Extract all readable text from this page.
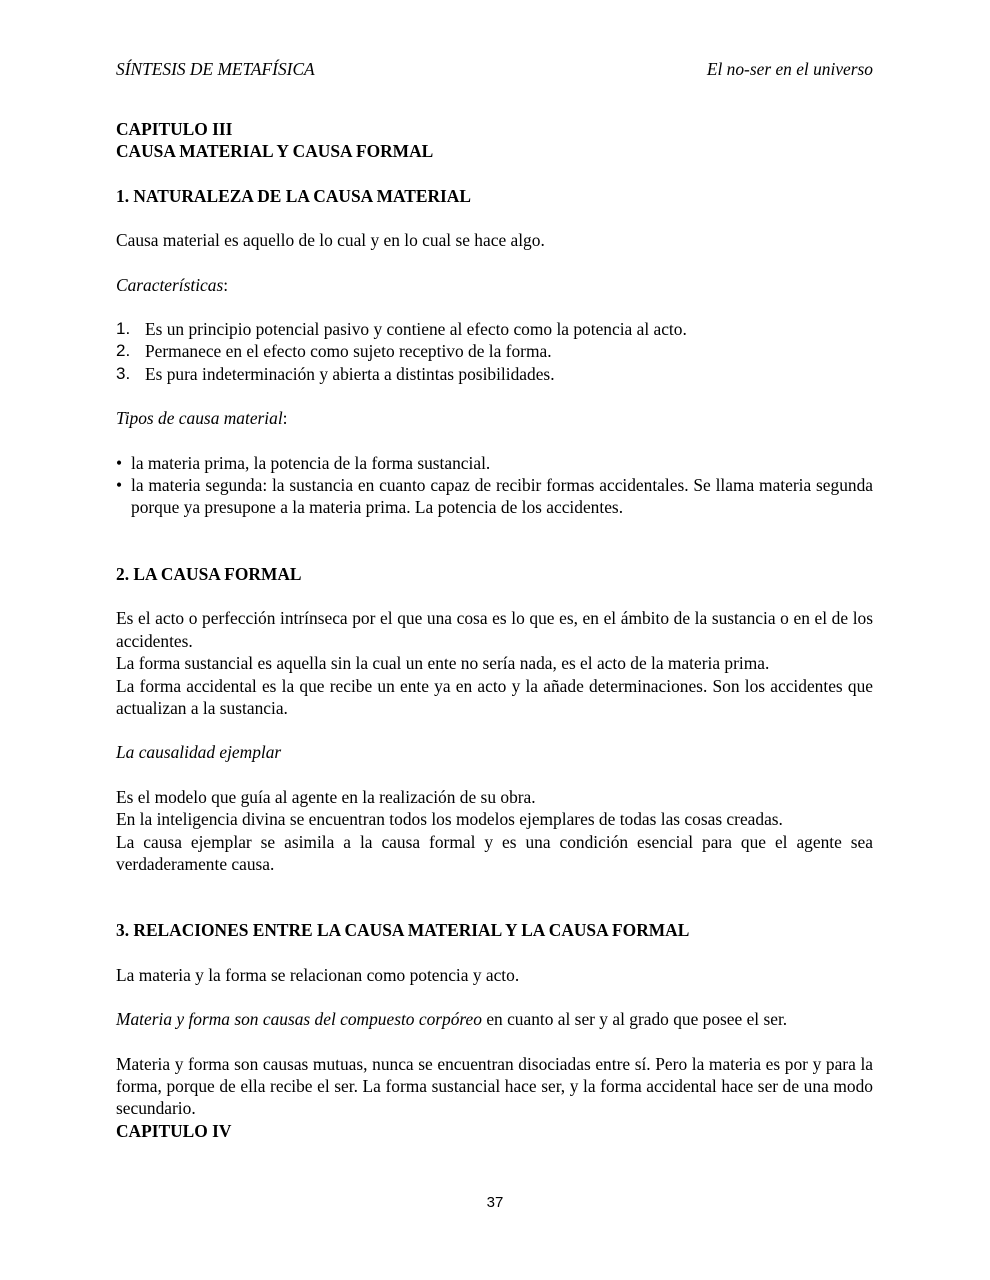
SÍNTESIS DE METAFÍSICA	El no-ser en el universo

CAPITULO III

CAUSA MATERIAL Y CAUSA FORMAL

1. NATURALEZA DE LA CAUSA MATERIAL

Causa material es aquello de lo cual y en lo cual se hace algo.

Características:

1. Es un principio potencial pasivo y contiene al efecto como la potencia al acto.
2. Permanece en el efecto como sujeto receptivo de la forma.
3. Es pura indeterminación y abierta a distintas posibilidades.

Tipos de causa material:

• la materia prima, la potencia de la forma sustancial.
• la materia segunda: la sustancia en cuanto capaz de recibir formas accidentales. Se llama materia segunda porque ya presupone a la materia prima. La potencia de los accidentes.

2. LA CAUSA FORMAL

Es el acto o perfección intrínseca por el que una cosa es lo que es, en el ámbito de la sustancia o en el de los accidentes.

La forma sustancial es aquella sin la cual un ente no sería nada, es el acto de la materia prima.

La forma accidental es la que recibe un ente ya en acto y la añade determinaciones. Son los accidentes que actualizan a la sustancia.

La causalidad ejemplar

Es el modelo que guía al agente en la realización de su obra.

En la inteligencia divina se encuentran todos los modelos ejemplares de todas las cosas creadas.

La causa ejemplar se asimila a la causa formal y es una condición esencial para que el agente sea verdaderamente causa.

3. RELACIONES ENTRE LA CAUSA MATERIAL Y LA CAUSA FORMAL

La materia y la forma se relacionan como potencia y acto.

Materia y forma son causas del compuesto corpóreo en cuanto al ser y al grado que posee el ser.

Materia y forma son causas mutuas, nunca se encuentran disociadas entre sí. Pero la materia es por y para la forma, porque de ella recibe el ser. La forma sustancial hace ser, y la forma accidental hace ser de una modo secundario.

CAPITULO IV

37
